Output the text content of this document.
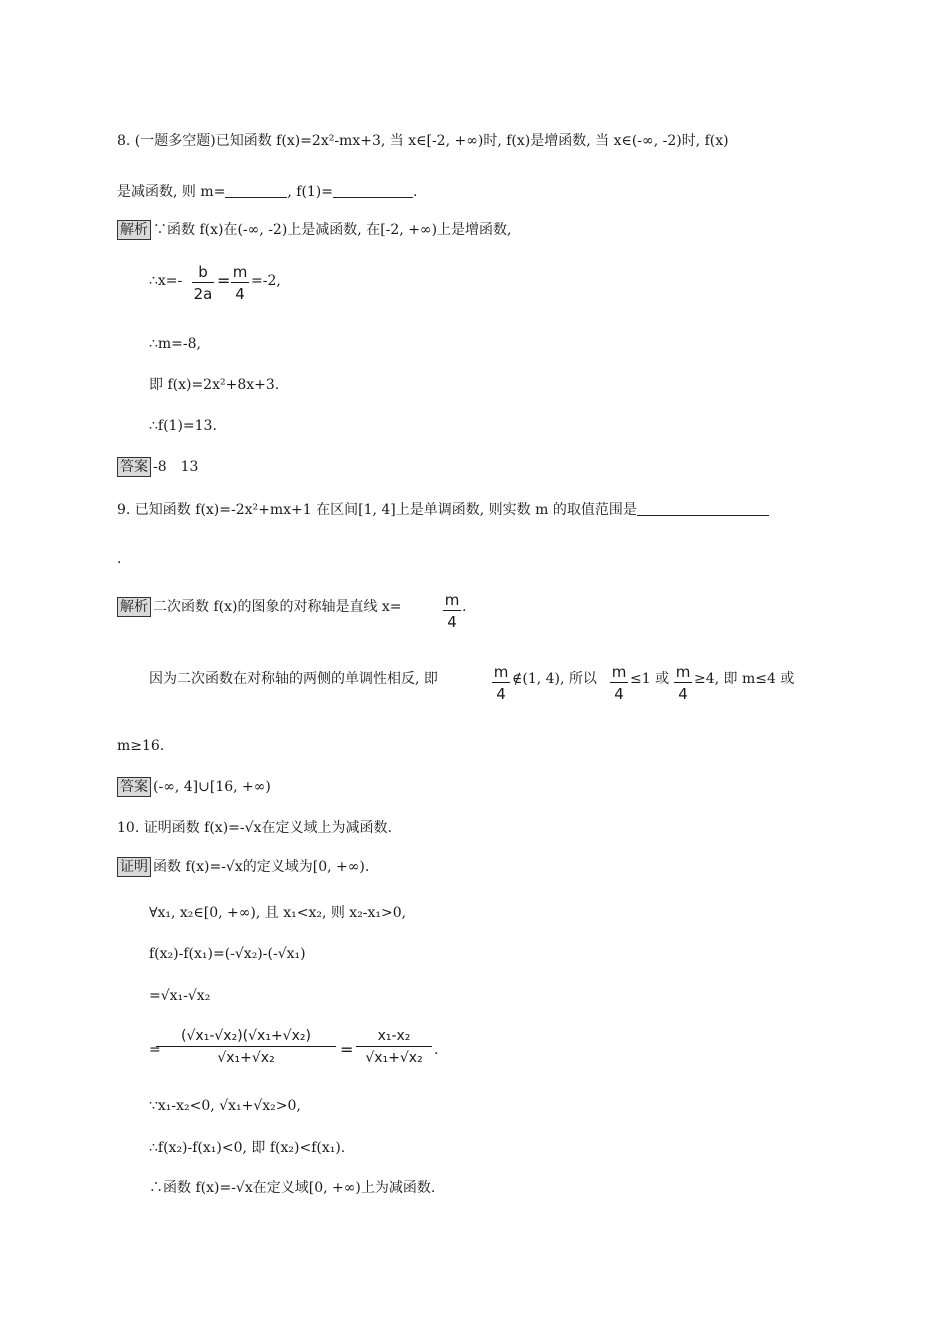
8. (一题多空题)已知函数 f(x)=2x²-mx+3, 当 x∈[-2, +∞)时, f(x)是增函数, 当 x∈(-∞, -2)时, f(x)
是减函数, 则 m=	, f(1)=	.
解析 ∵函数 f(x)在(-∞, -2)上是减函数, 在[-2, +∞)上是增函数,
∴x=- $\frac{b}{2a} = \frac{m}{4} =-2$,
∴m=-8,
即 f(x)=2x²+8x+3.
∴f(1)=13.
答案 -8　13
9. 已知函数 f(x)=-2x²+mx+1 在区间[1, 4]上是单调函数, 则实数 m 的取值范围是
.
解析 二次函数 f(x)的图象的对称轴是直线 x=	$\frac{m}{4}$ .
因为二次函数在对称轴的两侧的单调性相反, 即	$\frac{m}{4}$ ∉(1, 4), 所以 $\frac{m}{4} \le 1$ 或 $\frac{m}{4} \ge 4$, 即 m≤4 或
m≥16.
答案 (-∞, 4]∪[16, +∞)
10. 证明函数 f(x)=-√x在定义域上为减函数.
证明 函数 f(x)=-√x的定义域为[0, +∞).
∀x₁, x₂∈[0, +∞), 且 x₁<x₂, 则 x₂-x₁>0,
f(x₂)-f(x₁)=(-√x₂)-(-√x₁)
=√x₁-√x₂
=
$\frac{\text{(√x₁-√x₂)(√x₁+√x₂)}}{\text{√x₁+√x₂}} = \frac{\text{x₁-x₂}}{\text{√x₁+√x₂}}$ .
∵x₁-x₂<0, √x₁+√x₂>0,
∴f(x₂)-f(x₁)<0, 即 f(x₂)<f(x₁).
∴函数 f(x)=-√x在定义域[0, +∞)上为减函数.
